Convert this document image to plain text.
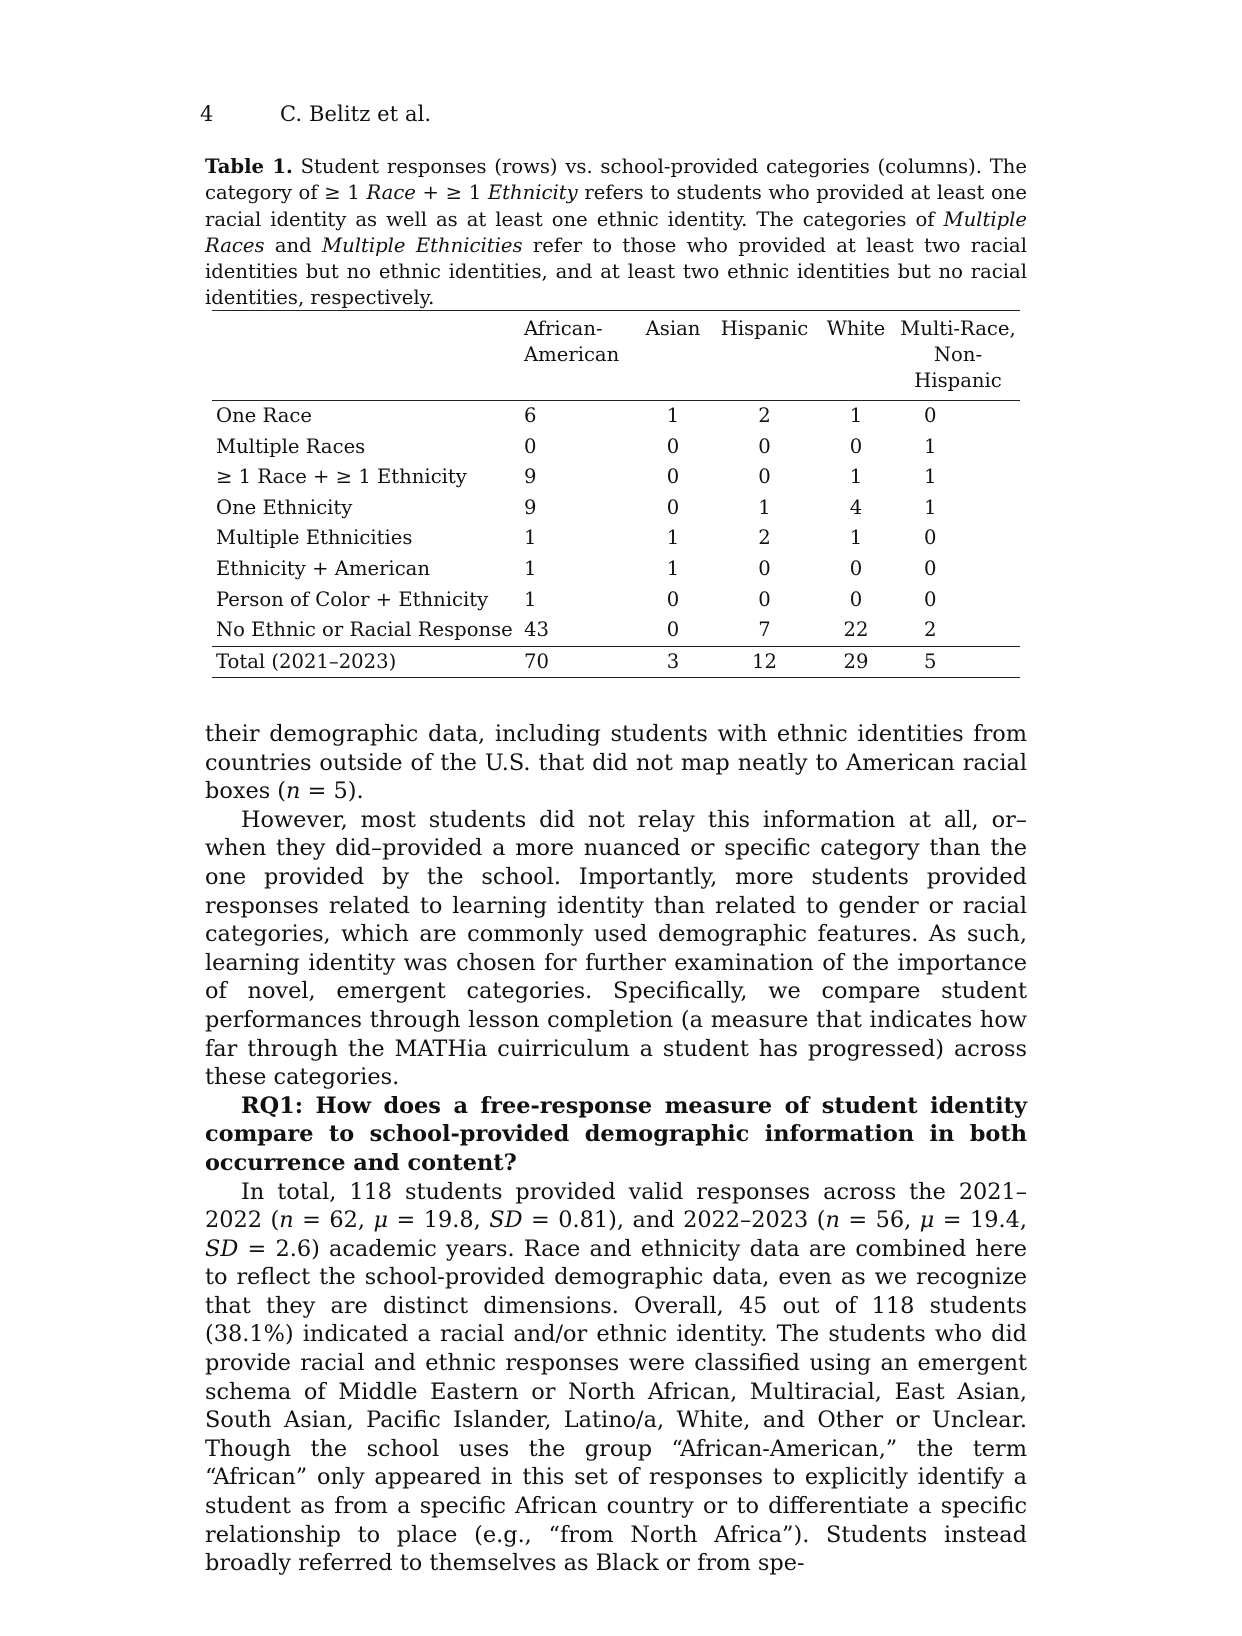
4	C. Belitz et al.
Table 1. Student responses (rows) vs. school-provided categories (columns). The category of ≥ 1 Race + ≥ 1 Ethnicity refers to students who provided at least one racial identity as well as at least one ethnic identity. The categories of Multiple Races and Multiple Ethnicities refer to those who provided at least two racial identities but no ethnic identities, and at least two ethnic identities but no racial identities, respectively.
	African-
American	Asian	Hispanic	White	Multi-Race,
Non-Hispanic
One Race	6	1	2	1	0
Multiple Races	0	0	0	0	1
≥ 1 Race + ≥ 1 Ethnicity	9	0	0	1	1
One Ethnicity	9	0	1	4	1
Multiple Ethnicities	1	1	2	1	0
Ethnicity + American	1	1	0	0	0
Person of Color + Ethnicity	1	0	0	0	0
No Ethnic or Racial Response	43	0	7	22	2
Total (2021–2023)	70	3	12	29	5

their demographic data, including students with ethnic identities from countries outside of the U.S. that did not map neatly to American racial boxes (n = 5).

However, most students did not relay this information at all, or–when they did–provided a more nuanced or specific category than the one provided by the school. Importantly, more students provided responses related to learning identity than related to gender or racial categories, which are commonly used demographic features. As such, learning identity was chosen for further examination of the importance of novel, emergent categories. Specifically, we compare student performances through lesson completion (a measure that indicates how far through the MATHia cuirriculum a student has progressed) across these categories.

RQ1: How does a free-response measure of student identity compare to school-provided demographic information in both occurrence and content?

In total, 118 students provided valid responses across the 2021–2022 (n = 62, μ = 19.8, SD = 0.81), and 2022–2023 (n = 56, μ = 19.4, SD = 2.6) academic years. Race and ethnicity data are combined here to reflect the school-provided demographic data, even as we recognize that they are distinct dimensions. Overall, 45 out of 118 students (38.1%) indicated a racial and/or ethnic identity. The students who did provide racial and ethnic responses were classified using an emergent schema of Middle Eastern or North African, Multiracial, East Asian, South Asian, Pacific Islander, Latino/a, White, and Other or Unclear. Though the school uses the group “African-American,” the term “African” only appeared in this set of responses to explicitly identify a student as from a specific African country or to differentiate a specific relationship to place (e.g., “from North Africa”). Students instead broadly referred to themselves as Black or from spe-
